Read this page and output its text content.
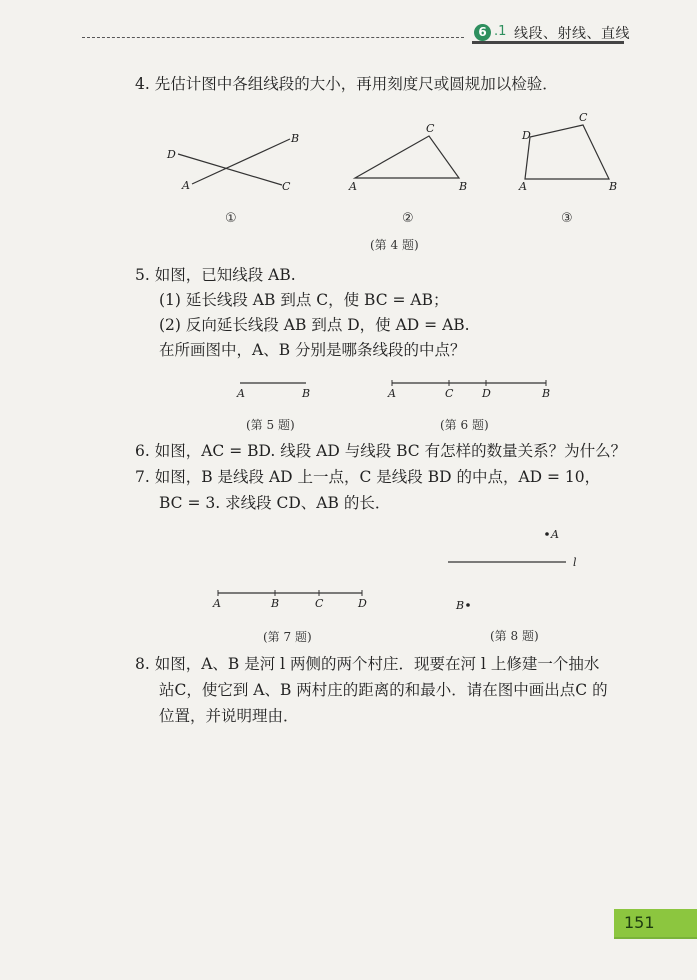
6 .1 线段、射线、直线
4. 先估计图中各组线段的大小，再用刻度尺或圆规加以检验．
D
B
A	C
C
A	B
D
C
A	B
①	②	③
(第 4 题)
5. 如图，已知线段 AB.
(1) 延长线段 AB 到点 C，使 BC = AB；
(2) 反向延长线段 AB 到点 D，使 AD = AB.
在所画图中，A、B 分别是哪条线段的中点？
A	B
(第 5 题)
A	C	D	B
(第 6 题)
6. 如图，AC = BD. 线段 AD 与线段 BC 有怎样的数量关系？为什么？
7. 如图，B 是线段 AD 上一点，C 是线段 BD 的中点，AD = 10，
BC = 3. 求线段 CD、AB 的长．
A	B	C	D
(第 7 题)
A
l
B
(第 8 题)
8. 如图，A、B 是河 l 两侧的两个村庄．现要在河 l 上修建一个抽水
站C，使它到 A、B 两村庄的距离的和最小．请在图中画出点C 的
位置，并说明理由．
151
